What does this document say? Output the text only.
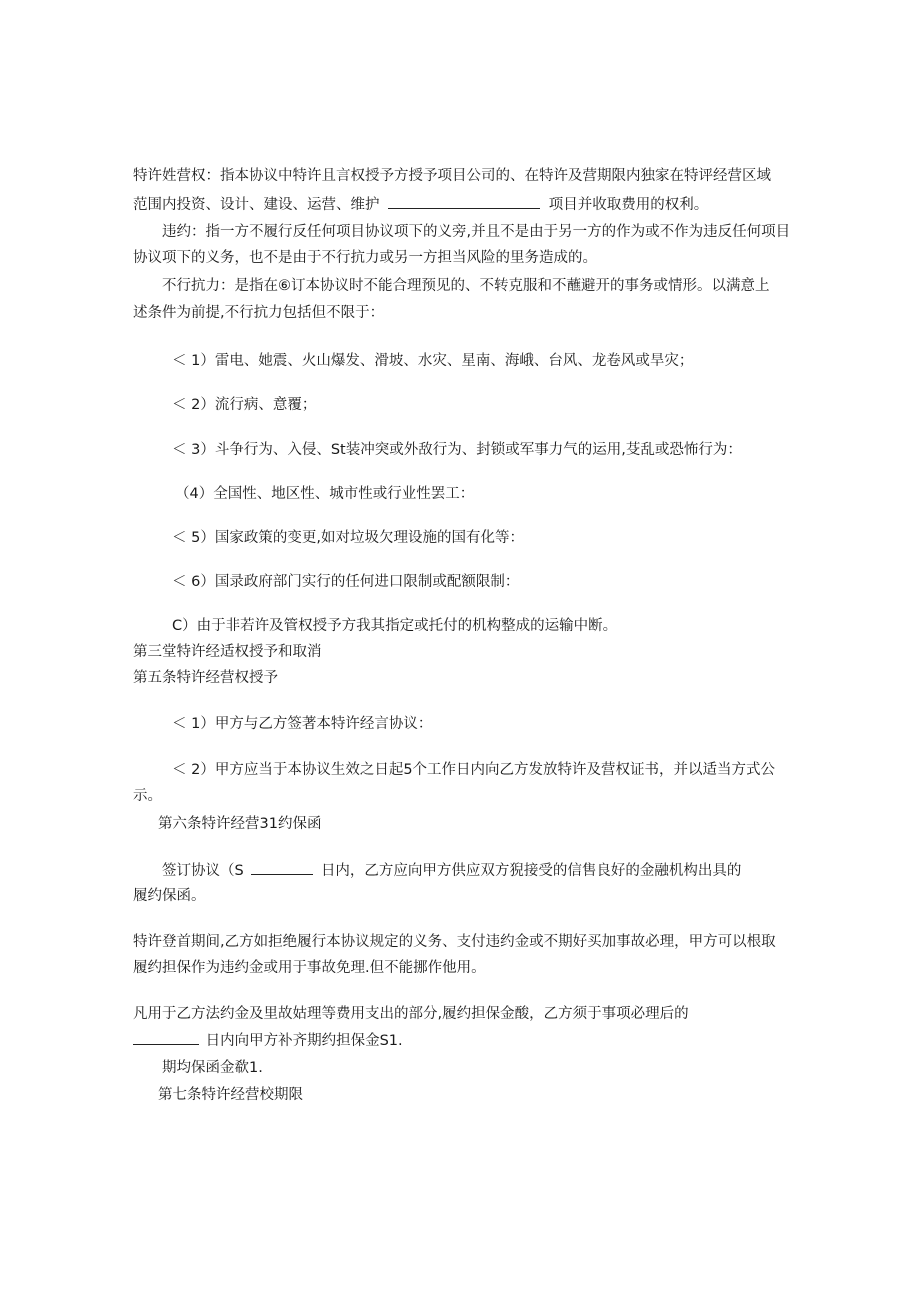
特许姓营权：指本协议中特许且言权授予方授予项目公司的、在特许及营期限内独家在特评经营区域
范围内投资、设计、建设、运营、维护	项目并收取费用的权利。
违约：指一方不履行反任何项目协议项下的义旁,并且不是由于另一方的作为或不作为违反任何项目
协议项下的义务，也不是由于不行抗力或另一方担当风险的里务造成的。
不行抗力：是指在⑥订本协议时不能合理预见的、不转克服和不蘸避开的事务或情形。以满意上
述条件为前提,不行抗力包括但不限于：
＜ 1）雷电、她震、火山爆发、滑坡、水灾、星南、海峨、台风、龙卷风或旱灾；
＜ 2）流行病、意覆；
＜ 3）斗争行为、入侵、St装冲突或外敌行为、封锁或军事力气的运用,芟乱或恐怖行为：
（4）全国性、地区性、城市性或行业性罢工：
＜ 5）国家政策的变更,如对垃圾欠理设施的国有化等：
＜ 6）国录政府部门实行的任何进口限制或配额限制：
C）由于非若许及管权授予方我其指定或托付的机构整成的运输中断。
第三堂特许经适权授予和取消
第五条特许经营权授予
＜ 1）甲方与乙方签著本特许经言协议：
＜ 2）甲方应当于本协议生效之日起5个工作日内向乙方发放特许及营权证书，并以适当方式公
示。
第六条特许经营31约保函
签订协议（S	日内，乙方应向甲方供应双方猊接受的信售良好的金融机构出具的
履约保函。
特许登首期间,乙方如拒绝履行本协议规定的义务、支付违约金或不期好买加事故必理，甲方可以根取
履约担保作为违约金或用于事故免理.但不能挪作他用。
凡用于乙方法约金及里故姑理等费用支出的部分,履约担保金酸，乙方须于事项必理后的
日内向甲方补齐期约担保金S1.
期均保函金欷1.
第七条特许经营校期限
